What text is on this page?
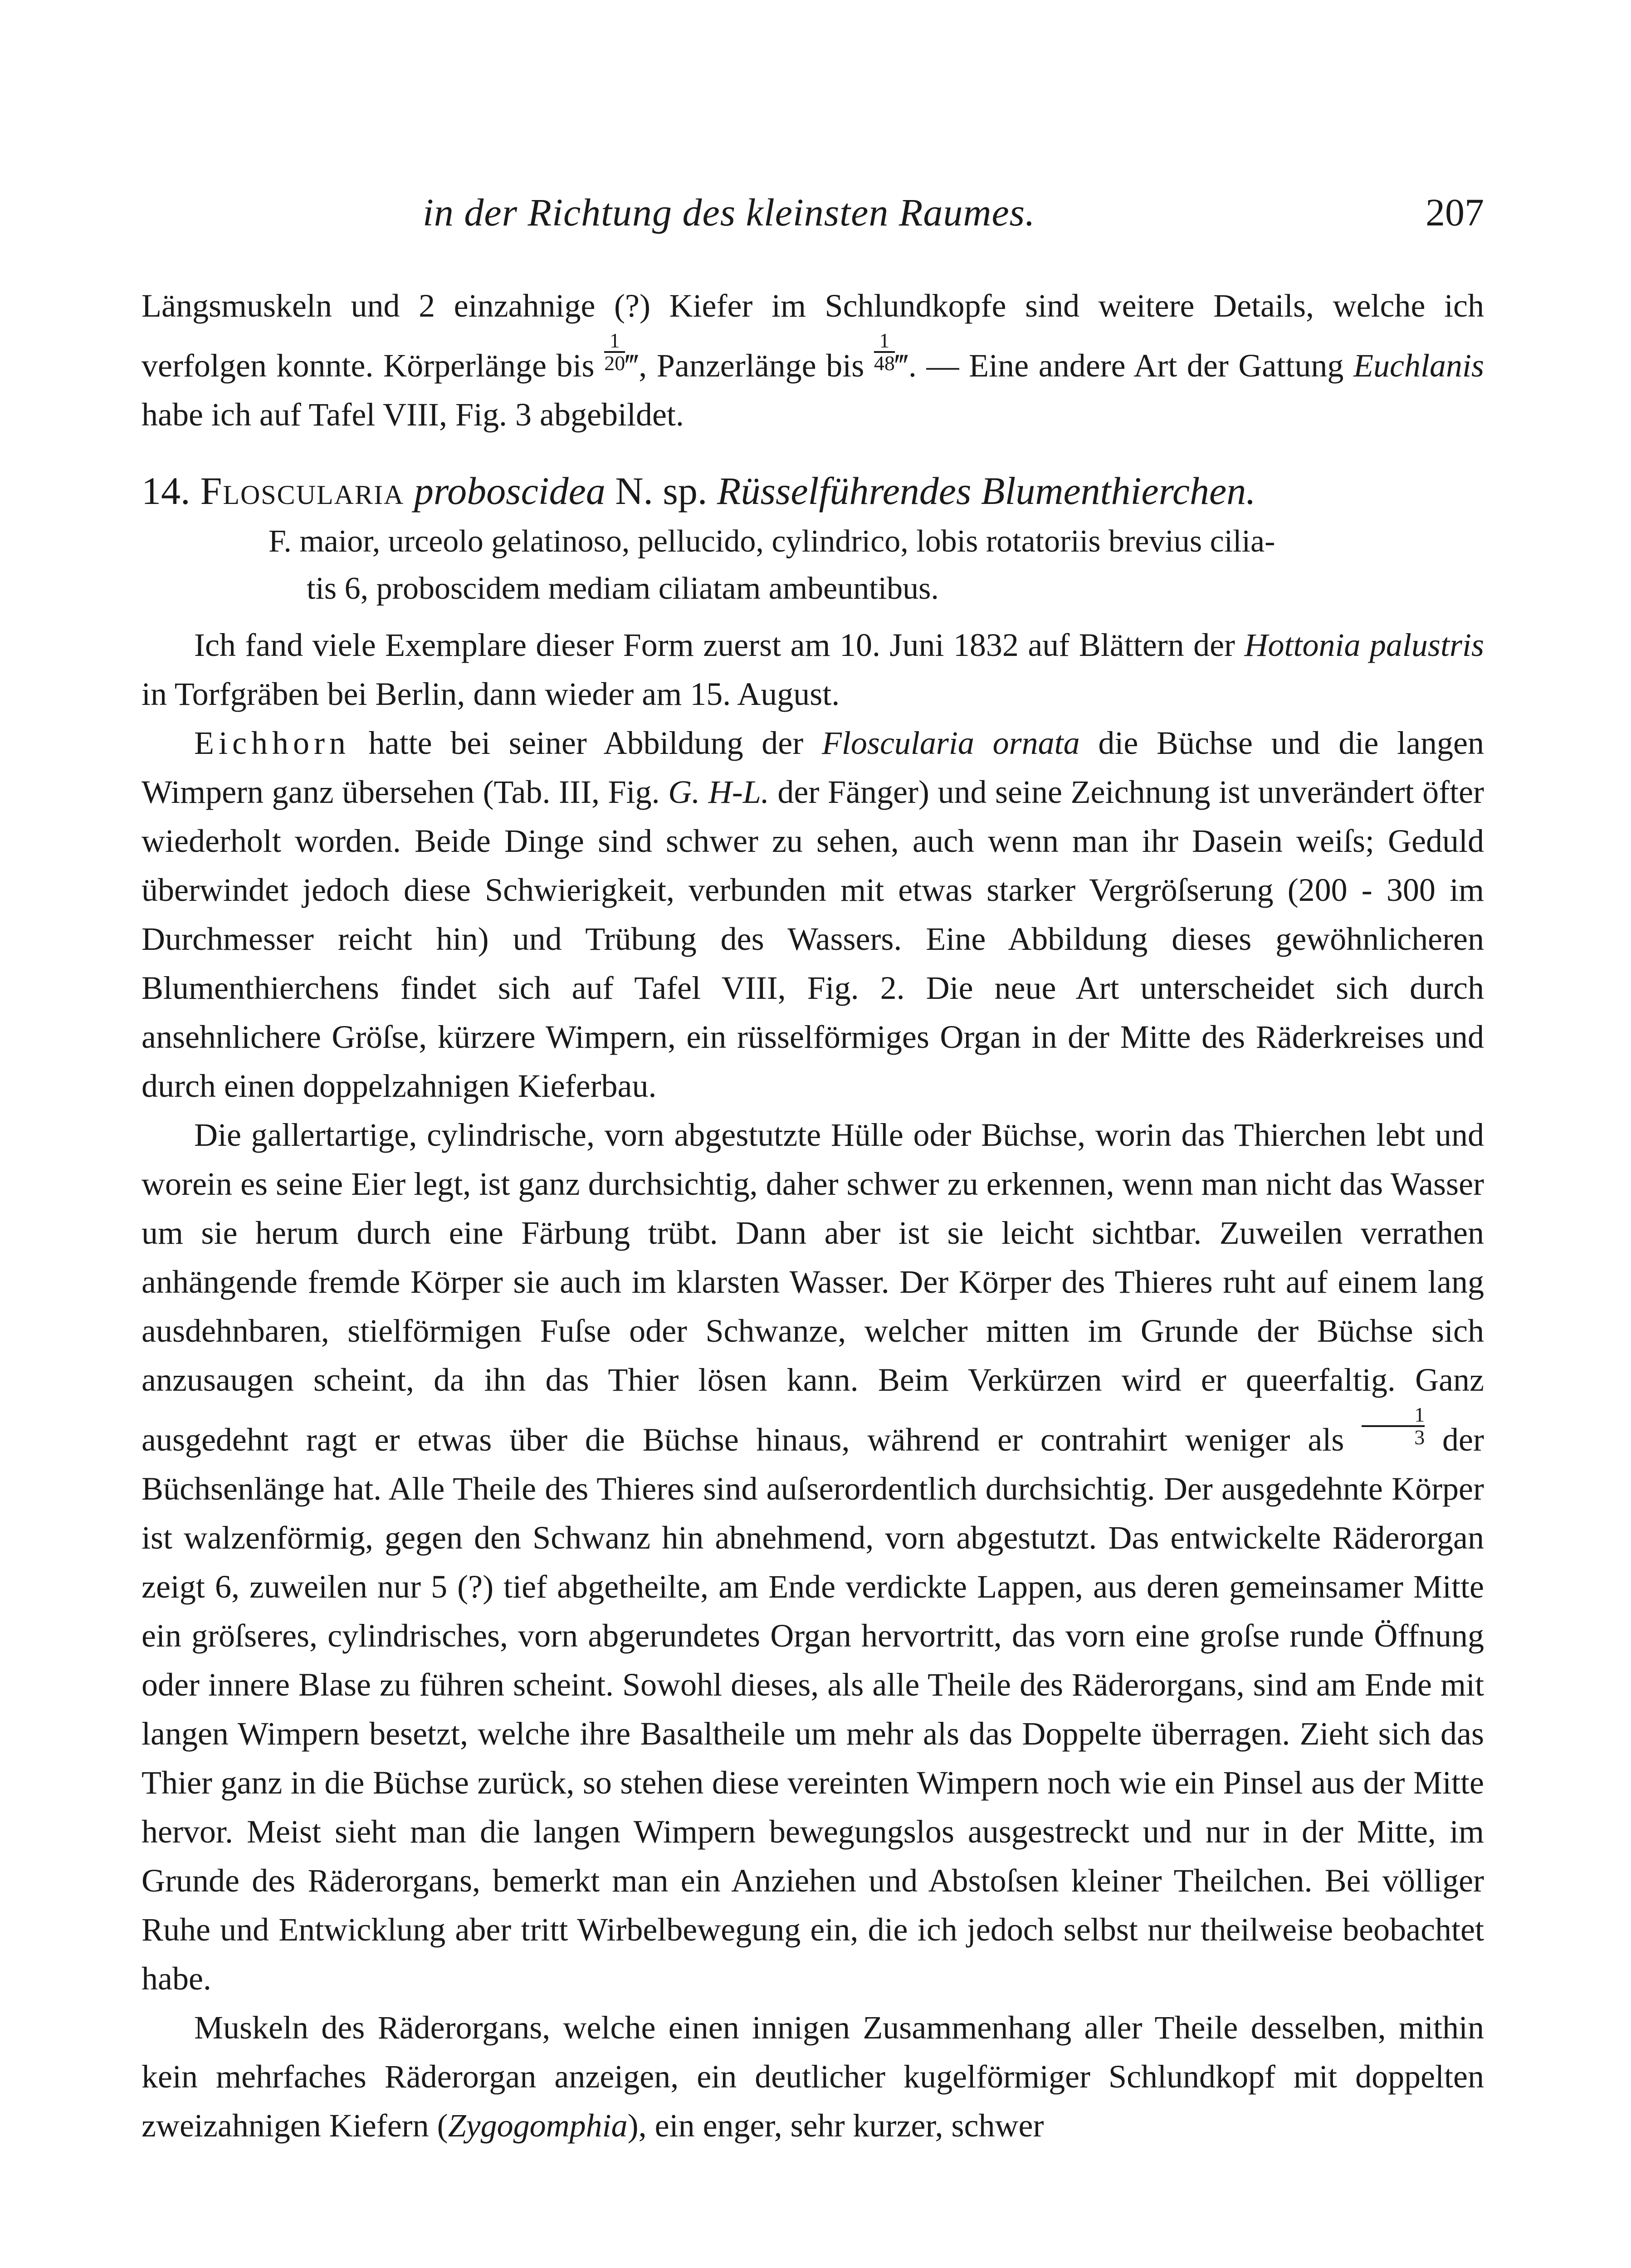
in der Richtung des kleinsten Raumes.	207

Längsmuskeln und 2 einzahnige (?) Kiefer im Schlundkopfe sind weitere Details, welche ich verfolgen konnte. Körperlänge bis $\frac{1}{20}$ ‴, Panzerlänge bis $\frac{1}{48}$ ‴. — Eine andere Art der Gattung Euchlanis habe ich auf Tafel VIII, Fig. 3 abgebildet.

14. Floscularia proboscidea N. sp. Rüsselführendes Blumenthierchen.

F. maior, urceolo gelatinoso, pellucido, cylindrico, lobis rotatoriis brevius cilia-
tis 6, proboscidem mediam ciliatam ambeuntibus.

Ich fand viele Exemplare dieser Form zuerst am 10. Juni 1832 auf Blättern der Hottonia palustris in Torfgräben bei Berlin, dann wieder am 15. August.

Eichhorn hatte bei seiner Abbildung der Floscularia ornata die Büchse und die langen Wimpern ganz übersehen (Tab. III, Fig. G. H-L. der Fänger) und seine Zeichnung ist unverändert öfter wiederholt worden. Beide Dinge sind schwer zu sehen, auch wenn man ihr Dasein weiſs; Geduld überwindet jedoch diese Schwierigkeit, verbunden mit etwas starker Vergröſserung (200 - 300 im Durchmesser reicht hin) und Trübung des Wassers. Eine Abbildung dieses gewöhnlicheren Blumenthierchens findet sich auf Tafel VIII, Fig. 2. Die neue Art unterscheidet sich durch ansehnlichere Gröſse, kürzere Wimpern, ein rüsselförmiges Organ in der Mitte des Räderkreises und durch einen doppelzahnigen Kieferbau.

Die gallertartige, cylindrische, vorn abgestutzte Hülle oder Büchse, worin das Thierchen lebt und worein es seine Eier legt, ist ganz durchsichtig, daher schwer zu erkennen, wenn man nicht das Wasser um sie herum durch eine Färbung trübt. Dann aber ist sie leicht sichtbar. Zuweilen verrathen anhängende fremde Körper sie auch im klarsten Wasser. Der Körper des Thieres ruht auf einem lang ausdehnbaren, stielförmigen Fuſse oder Schwanze, welcher mitten im Grunde der Büchse sich anzusaugen scheint, da ihn das Thier lösen kann. Beim Verkürzen wird er queerfaltig. Ganz ausgedehnt ragt er etwas über die Büchse hinaus, während er contrahirt weniger als $\frac{1}{3}$ der Büchsenlänge hat. Alle Theile des Thieres sind auſserordentlich durchsichtig. Der ausgedehnte Körper ist walzenförmig, gegen den Schwanz hin abnehmend, vorn abgestutzt. Das entwickelte Räderorgan zeigt 6, zuweilen nur 5 (?) tief abgetheilte, am Ende verdickte Lappen, aus deren gemeinsamer Mitte ein gröſseres, cylindrisches, vorn abgerundetes Organ hervortritt, das vorn eine groſse runde Öffnung oder innere Blase zu führen scheint. Sowohl dieses, als alle Theile des Räderorgans, sind am Ende mit langen Wimpern besetzt, welche ihre Basaltheile um mehr als das Doppelte überragen. Zieht sich das Thier ganz in die Büchse zurück, so stehen diese vereinten Wimpern noch wie ein Pinsel aus der Mitte hervor. Meist sieht man die langen Wimpern bewegungslos ausgestreckt und nur in der Mitte, im Grunde des Räderorgans, bemerkt man ein Anziehen und Abstoſsen kleiner Theilchen. Bei völliger Ruhe und Entwicklung aber tritt Wirbelbewegung ein, die ich jedoch selbst nur theilweise beobachtet habe.

Muskeln des Räderorgans, welche einen innigen Zusammenhang aller Theile desselben, mithin kein mehrfaches Räderorgan anzeigen, ein deutlicher kugelförmiger Schlundkopf mit doppelten zweizahnigen Kiefern (Zygogomphia), ein enger, sehr kurzer, schwer
